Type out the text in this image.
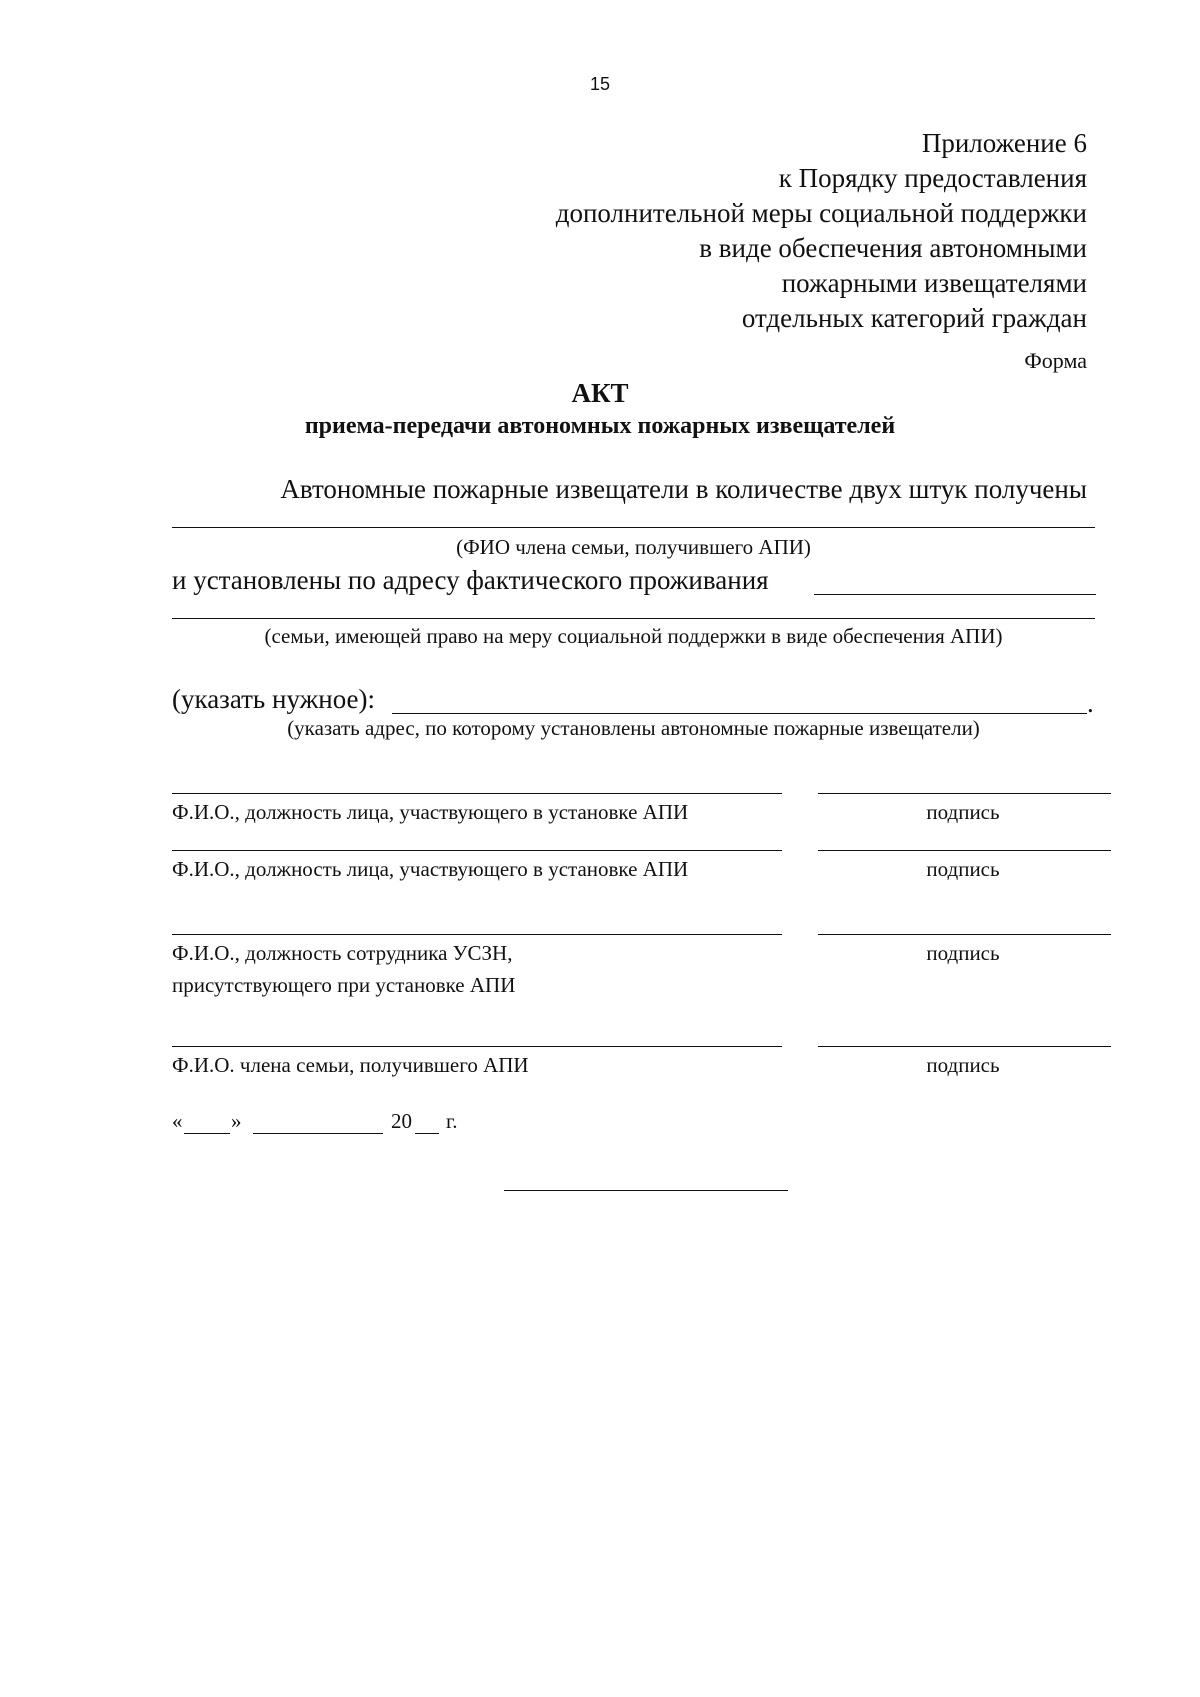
15
Приложение 6
к Порядку предоставления
дополнительной меры социальной поддержки
в виде обеспечения автономными
пожарными извещателями
отдельных категорий граждан
Форма
АКТ
приема-передачи автономных пожарных извещателей
Автономные пожарные извещатели в количестве двух штук получены
(ФИО члена семьи, получившего АПИ)
и установлены по адресу фактического проживания
(семьи, имеющей право на меру социальной поддержки в виде обеспечения АПИ)
(указать нужное):	.
(указать адрес, по которому установлены автономные пожарные извещатели)
Ф.И.О., должность лица, участвующего в установке АПИ	подпись
Ф.И.О., должность лица, участвующего в установке АПИ	подпись
Ф.И.О., должность сотрудника УСЗН,
присутствующего при установке АПИ
подпись
Ф.И.О. члена семьи, получившего АПИ	подпись
« »	20 г.
